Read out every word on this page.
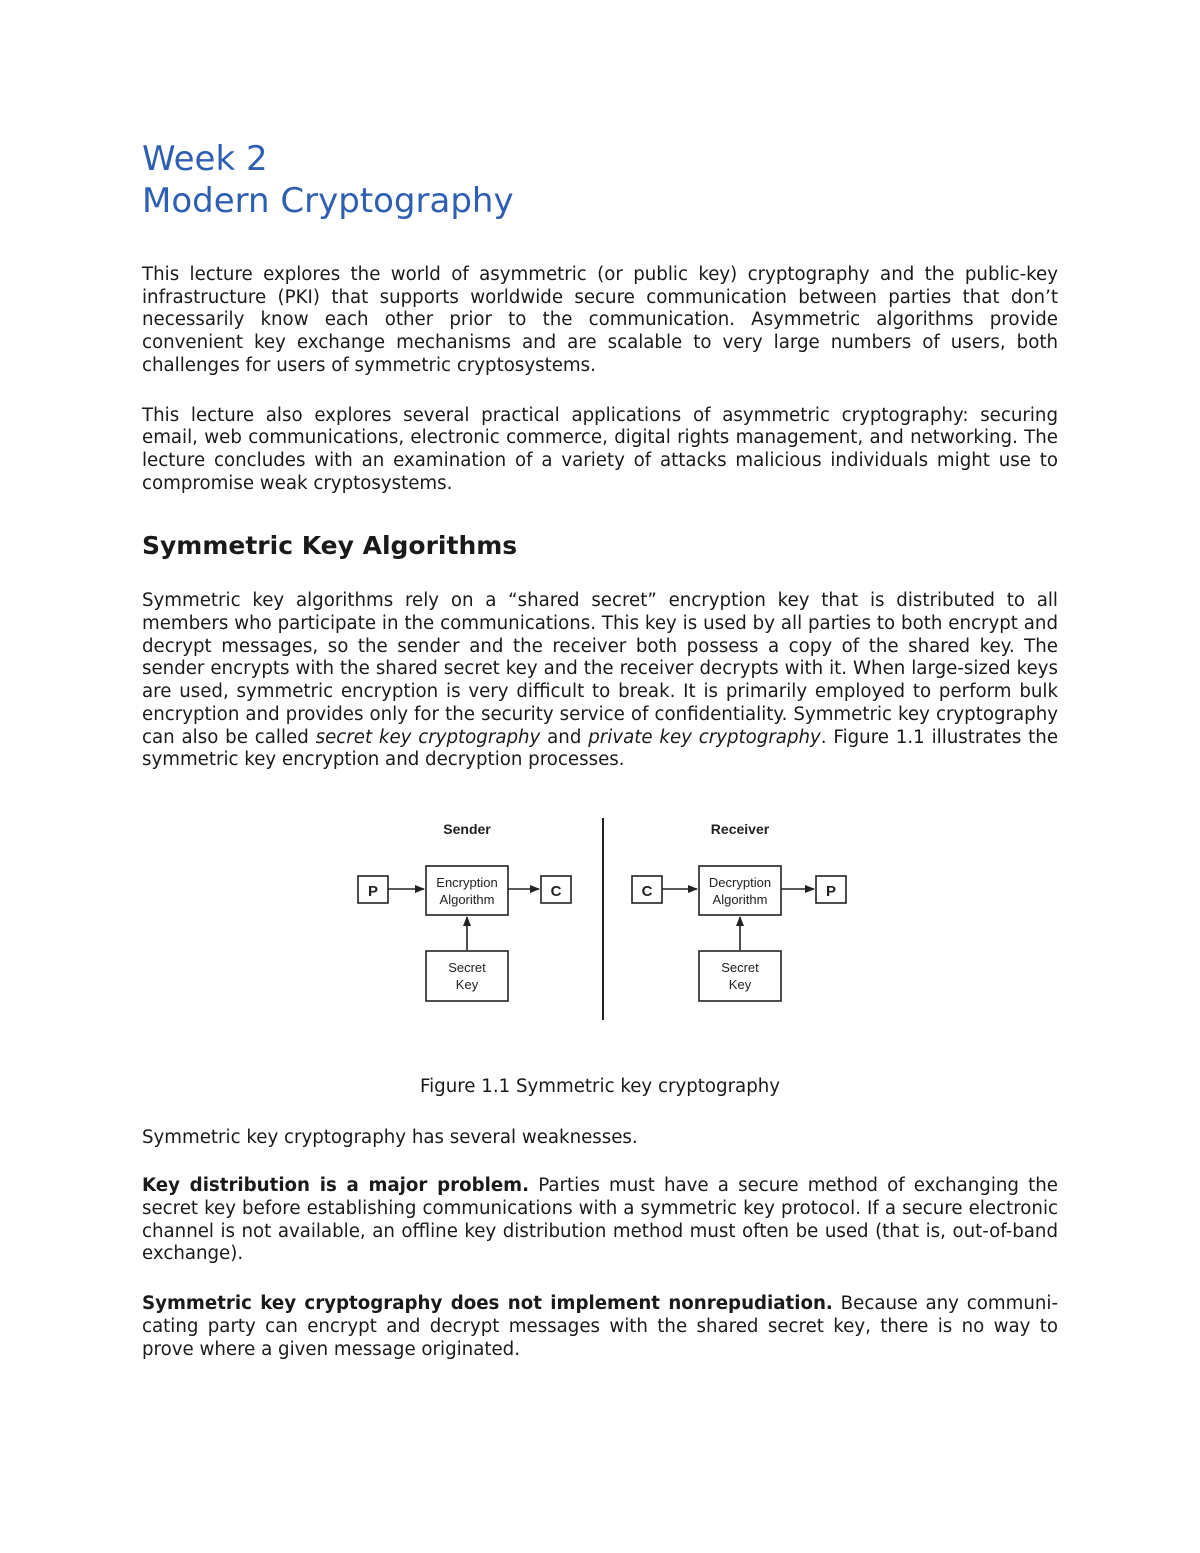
Week 2
Modern Cryptography

This lecture explores the world of asymmetric (or public key) cryptography and the public-key infrastructure (PKI) that supports worldwide secure communication between parties that don’t necessarily know each other prior to the communication. Asymmetric algorithms provide convenient key exchange mechanisms and are scalable to very large numbers of users, both challenges for users of symmetric cryptosystems.

This lecture also explores several practical applications of asymmetric cryptography: securing email, web communications, electronic commerce, digital rights management, and networking. The lecture concludes with an examination of a variety of attacks malicious individuals might use to compromise weak cryptosystems.

Symmetric Key Algorithms

Symmetric key algorithms rely on a “shared secret” encryption key that is distributed to all members who participate in the communications. This key is used by all parties to both encrypt and decrypt messages, so the sender and the receiver both possess a copy of the shared key. The sender encrypts with the shared secret key and the receiver decrypts with it. When large-sized keys are used, symmetric encryption is very difficult to break. It is primarily employed to perform bulk encryption and provides only for the security service of confidentiality. Symmetric key cryptography can also be called secret key cryptography and private key cryptography. Figure 1.1 illustrates the symmetric key encryption and decryption processes.

Sender	Receiver
P
Encryption
Algorithm	C
Secret
Key
C
Decryption
Algorithm	P
Secret
Key

Figure 1.1 Symmetric key cryptography

Symmetric key cryptography has several weaknesses.

Key distribution is a major problem. Parties must have a secure method of exchanging the secret key before establishing communications with a symmetric key protocol. If a secure electronic channel is not available, an offline key distribution method must often be used (that is, out-of-band exchange).

Symmetric key cryptography does not implement nonrepudiation. Because any communi- cating party can encrypt and decrypt messages with the shared secret key, there is no way to prove where a given message originated.
